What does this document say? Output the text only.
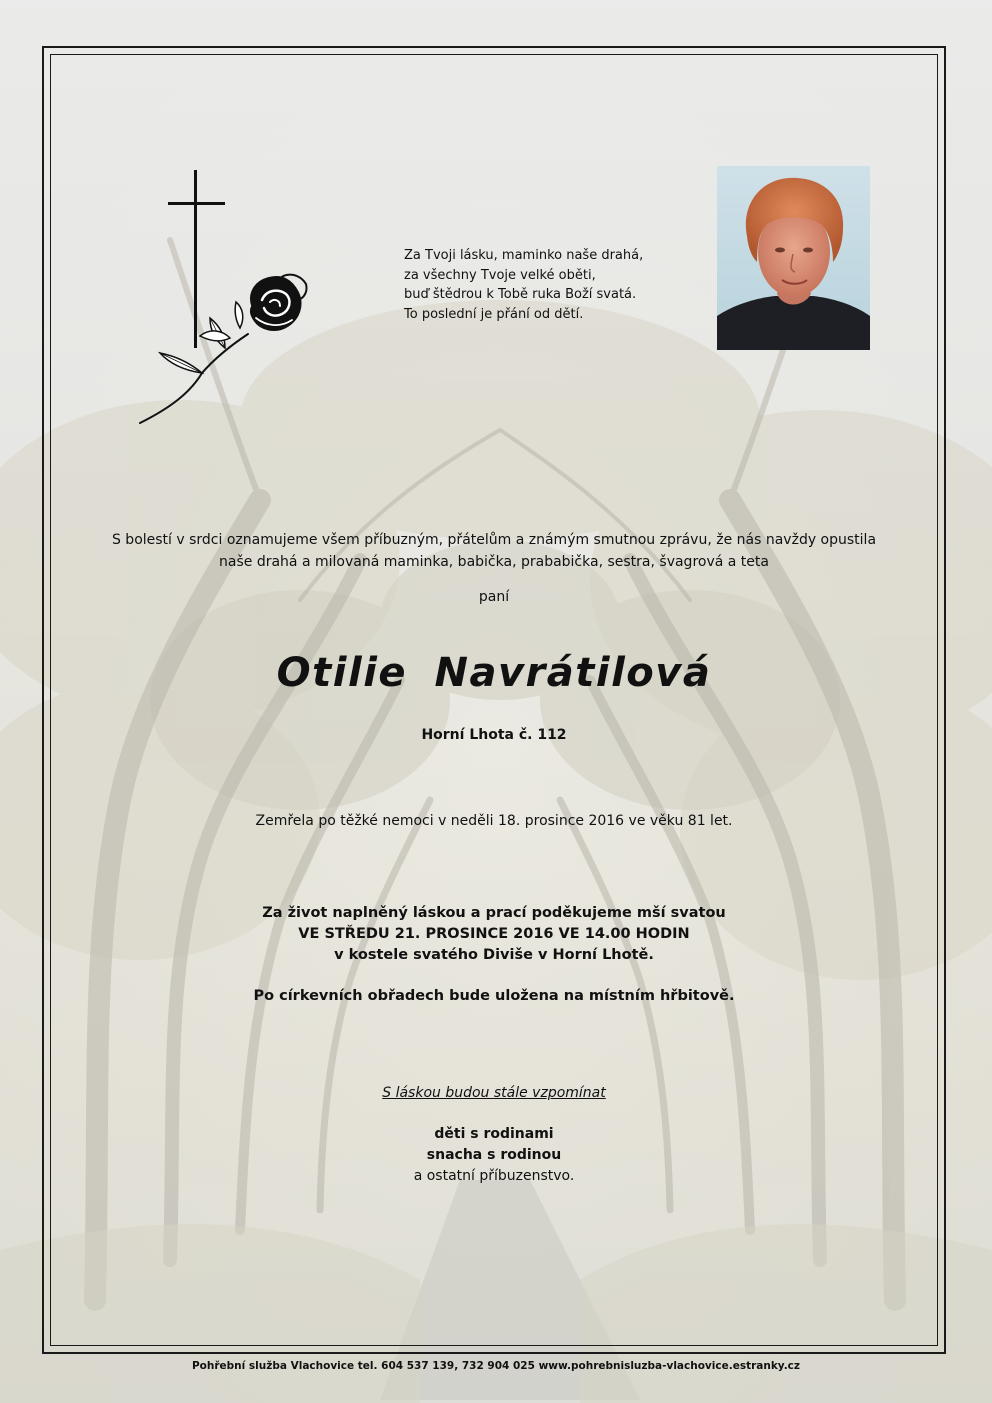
Za Tvoji lásku, maminko naše drahá,
za všechny Tvoje velké oběti,
buď štědrou k Tobě ruka Boží svatá.
To poslední je přání od dětí.
S bolestí v srdci oznamujeme všem příbuzným, přátelům a známým smutnou zprávu, že nás navždy opustila
naše drahá a milovaná maminka, babička, prababička, sestra, švagrová a teta
paní
Otilie Navrátilová
Horní Lhota č. 112
Zemřela po těžké nemoci v neděli 18. prosince 2016 ve věku 81 let.
Za život naplněný láskou a prací poděkujeme mší svatou
VE STŘEDU 21. PROSINCE 2016 VE 14.00 HODIN
v kostele svatého Diviše v Horní Lhotě.
Po církevních obřadech bude uložena na místním hřbitově.
S láskou budou stále vzpomínat
děti s rodinami
snacha s rodinou
a ostatní příbuzenstvo.
Pohřební služba Vlachovice tel. 604 537 139, 732 904 025 www.pohrebnisluzba-vlachovice.estranky.cz
